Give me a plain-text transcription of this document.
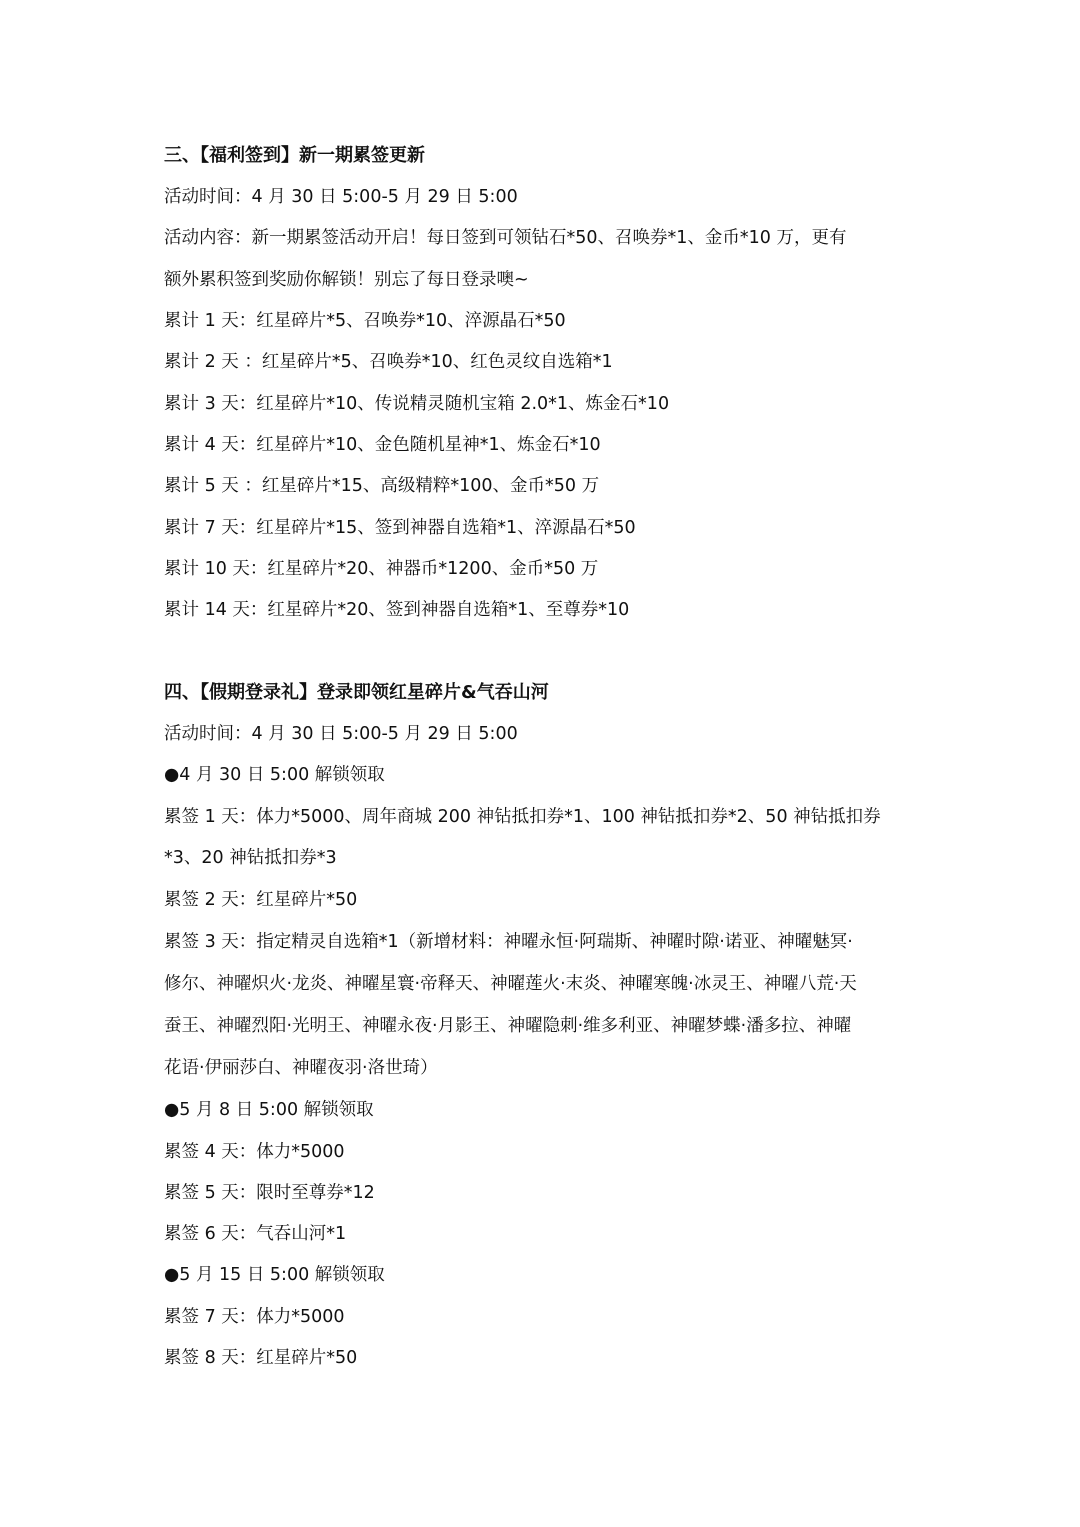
三、【福利签到】新一期累签更新
活动时间：4 月 30 日 5:00-5 月 29 日 5:00
活动内容：新一期累签活动开启！每日签到可领钻石*50、召唤券*1、金币*10 万，更有
额外累积签到奖励你解锁！别忘了每日登录噢~
累计 1 天：红星碎片*5、召唤券*10、淬源晶石*50
累计 2 天 ：红星碎片*5、召唤券*10、红色灵纹自选箱*1
累计 3 天：红星碎片*10、传说精灵随机宝箱 2.0*1、炼金石*10
累计 4 天：红星碎片*10、金色随机星神*1、炼金石*10
累计 5 天 ：红星碎片*15、高级精粹*100、金币*50 万
累计 7 天：红星碎片*15、签到神器自选箱*1、淬源晶石*50
累计 10 天：红星碎片*20、神器币*1200、金币*50 万
累计 14 天：红星碎片*20、签到神器自选箱*1、至尊券*10
四、【假期登录礼】登录即领红星碎片&气吞山河
活动时间：4 月 30 日 5:00-5 月 29 日 5:00
●4 月 30 日 5:00 解锁领取
累签 1 天：体力*5000、周年商城 200 神钻抵扣券*1、100 神钻抵扣券*2、50 神钻抵扣券
*3、20 神钻抵扣券*3
累签 2 天：红星碎片*50
累签 3 天：指定精灵自选箱*1（新增材料：神曜永恒·阿瑞斯、神曜时隙·诺亚、神曜魅冥·
修尔、神曜炽火·龙炎、神曜星寰·帝释天、神曜莲火·末炎、神曜寒魄·冰灵王、神曜八荒·天
蚕王、神曜烈阳·光明王、神曜永夜·月影王、神曜隐刺·维多利亚、神曜梦蝶·潘多拉、神曜
花语·伊丽莎白、神曜夜羽·洛世琦）
●5 月 8 日 5:00 解锁领取
累签 4 天：体力*5000
累签 5 天：限时至尊券*12
累签 6 天：气吞山河*1
●5 月 15 日 5:00 解锁领取
累签 7 天：体力*5000
累签 8 天：红星碎片*50
